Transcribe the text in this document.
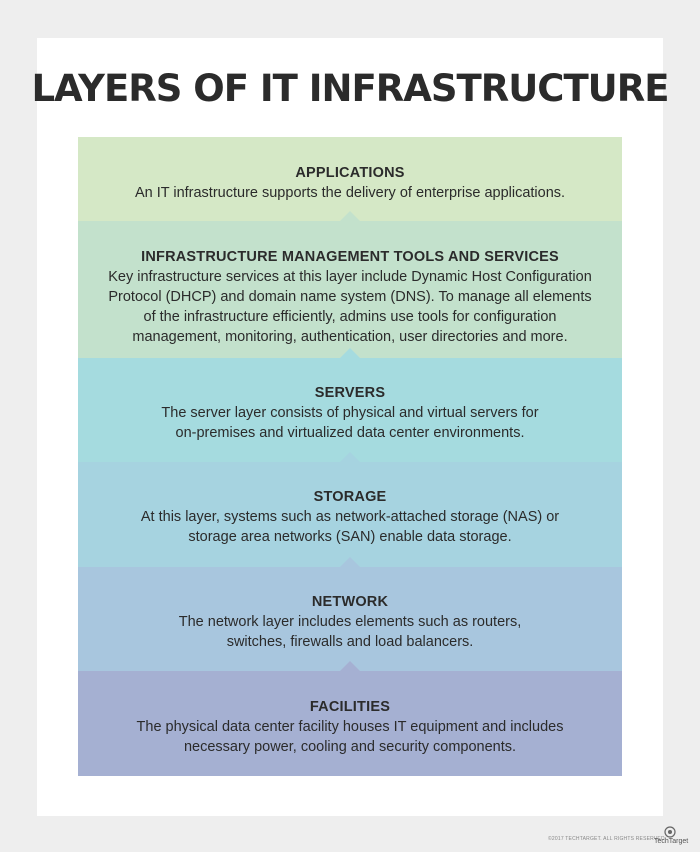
LAYERS OF IT INFRASTRUCTURE
APPLICATIONS
An IT infrastructure supports the delivery of enterprise applications.
INFRASTRUCTURE MANAGEMENT TOOLS AND SERVICES
Key infrastructure services at this layer include Dynamic Host Configuration Protocol (DHCP) and domain name system (DNS). To manage all elements of the infrastructure efficiently, admins use tools for configuration management, monitoring, authentication, user directories and more.
SERVERS
The server layer consists of physical and virtual servers for on-premises and virtualized data center environments.
STORAGE
At this layer, systems such as network-attached storage (NAS) or storage area networks (SAN) enable data storage.
NETWORK
The network layer includes elements such as routers, switches, firewalls and load balancers.
FACILITIES
The physical data center facility houses IT equipment and includes necessary power, cooling and security components.
©2017 TECHTARGET. ALL RIGHTS RESERVED
TechTarget
